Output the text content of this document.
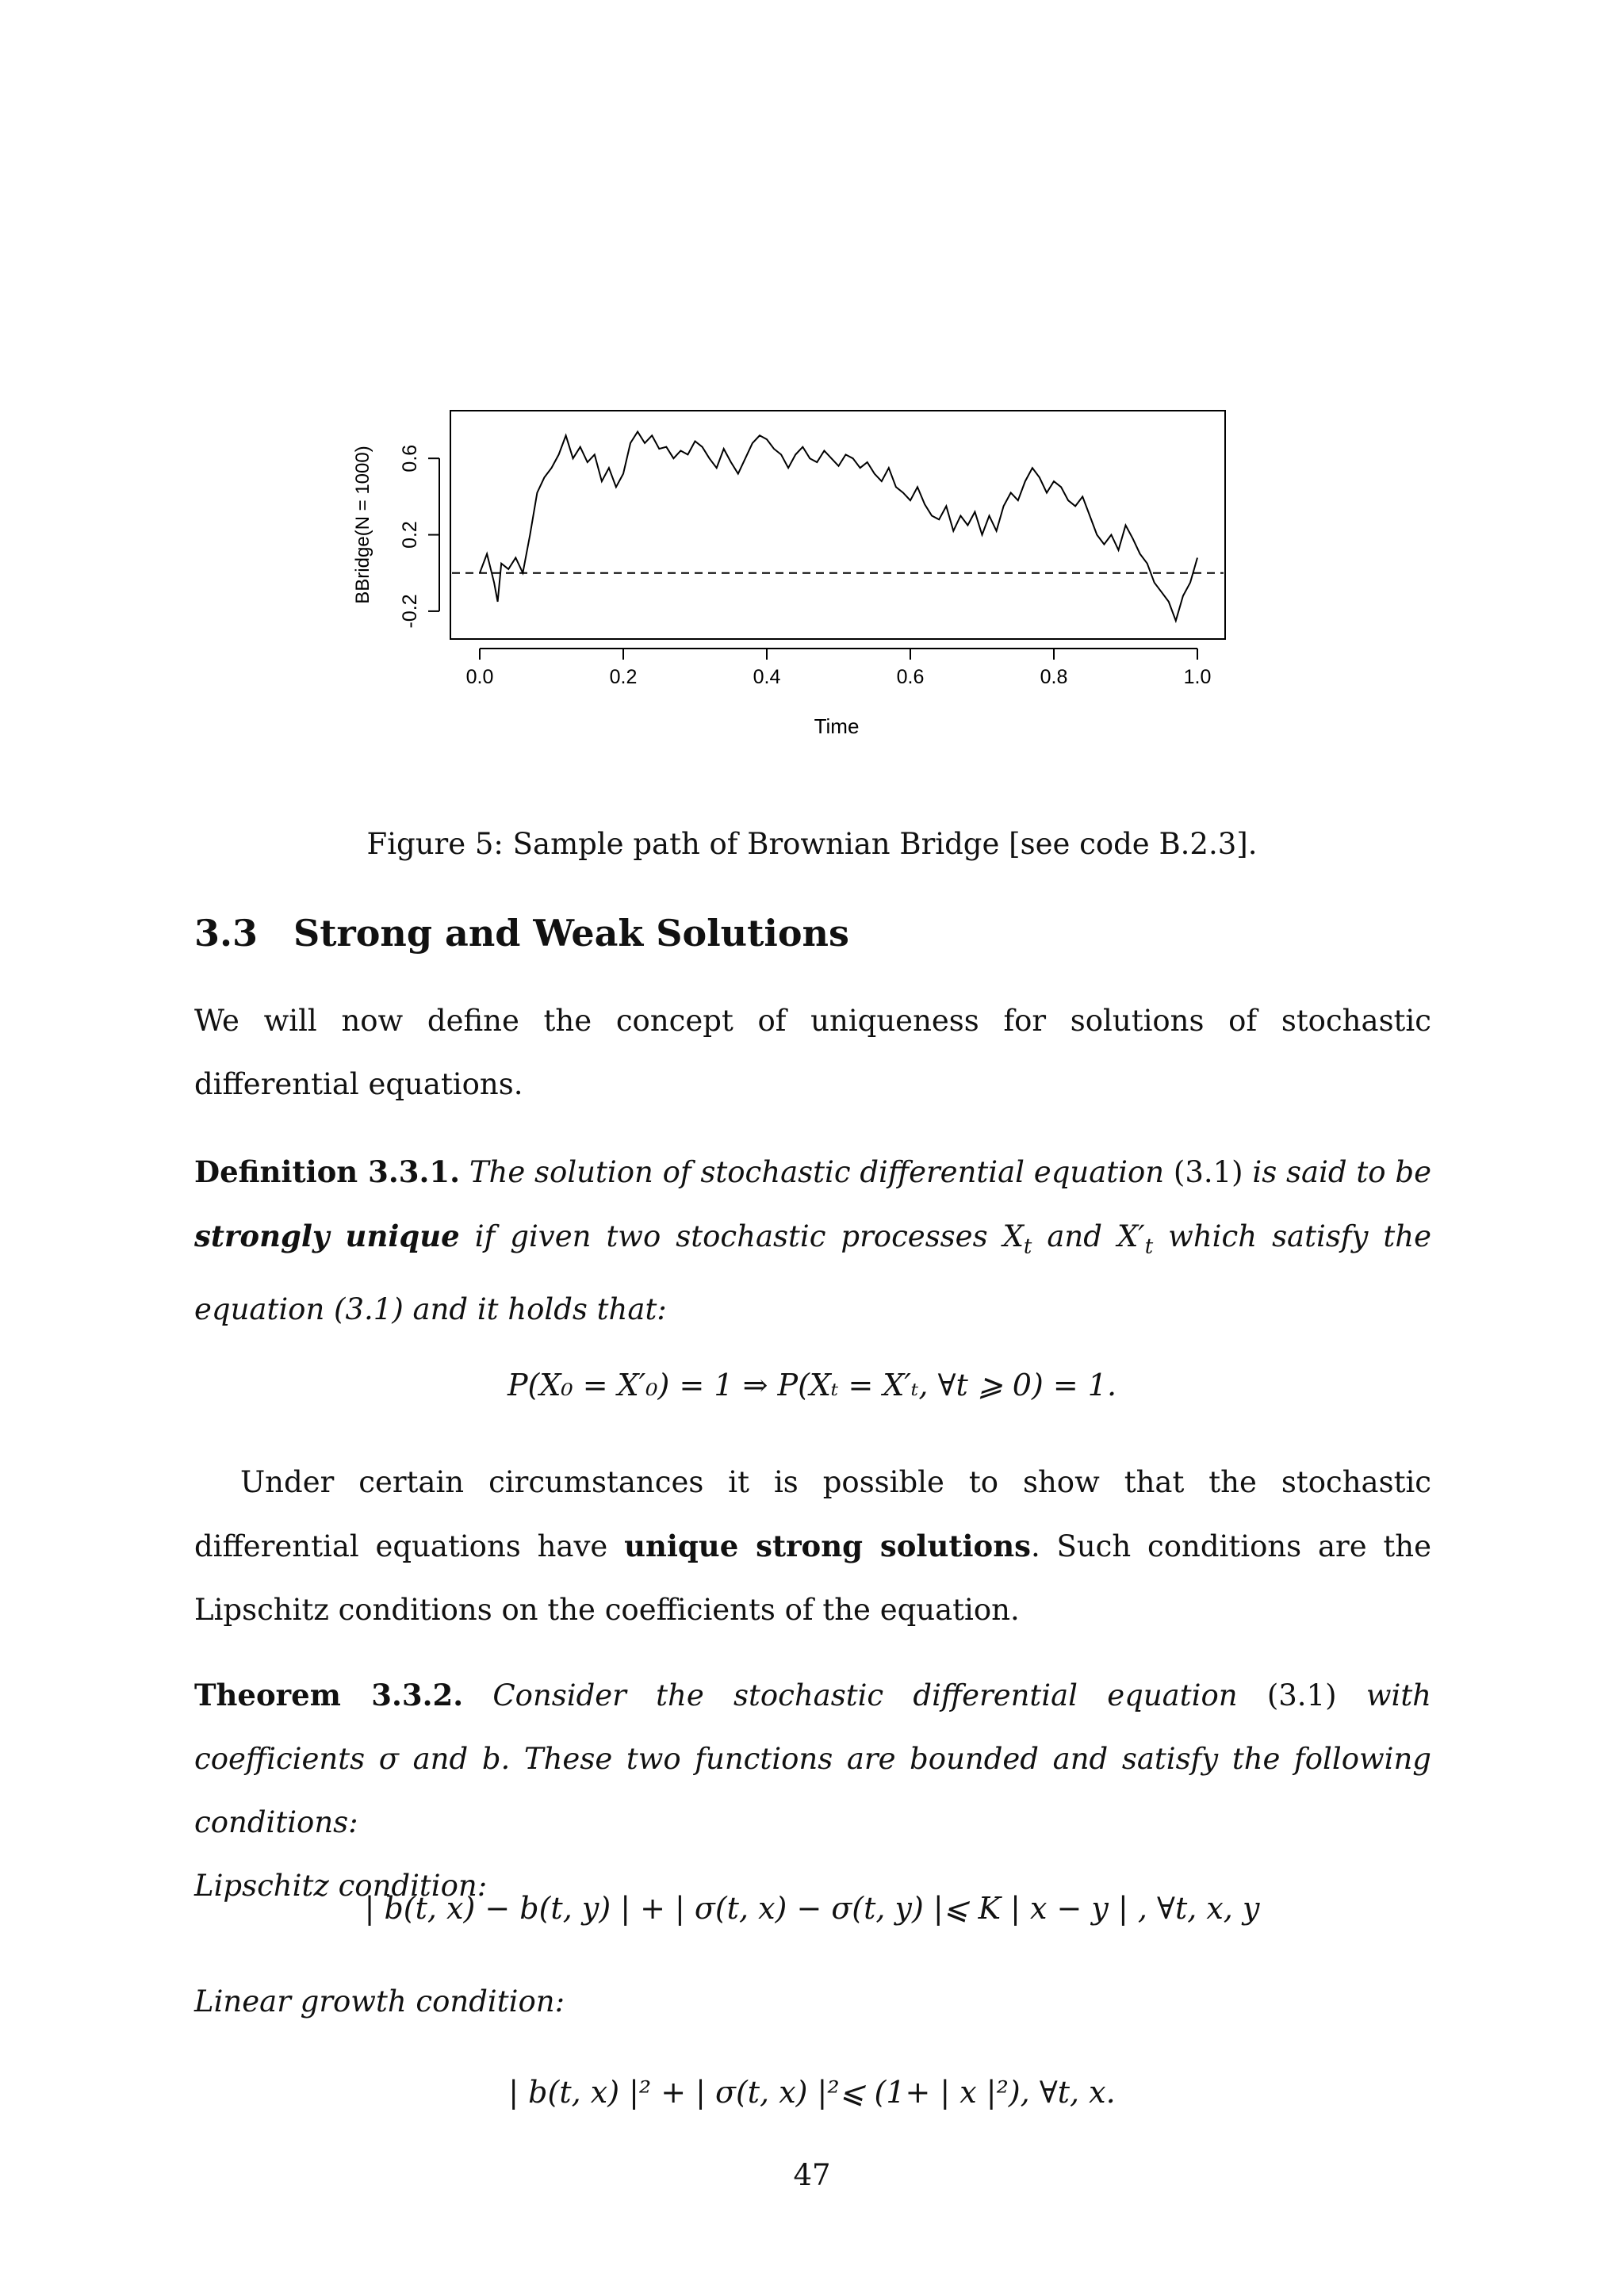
0.0	0.2	0.4	0.6	0.8	1.0
-0.2
0.2
0.6
BBridge(N = 1000)
Time
Figure 5: Sample path of Brownian Bridge [see code B.2.3].
3.3 Strong and Weak Solutions
We will now define the concept of uniqueness for solutions of stochastic differential equations.
Definition 3.3.1. The solution of stochastic differential equation (3.1) is said to be strongly unique if given two stochastic processes $X_t$ and $X'_t$ which satisfy the equation (3.1) and it holds that:
P(X₀ = X′₀) = 1 ⇒ P(Xₜ = X′ₜ, ∀t ⩾ 0) = 1.
Under certain circumstances it is possible to show that the stochastic differential equations have unique strong solutions. Such conditions are the Lipschitz conditions on the coefficients of the equation.
Theorem 3.3.2. Consider the stochastic differential equation (3.1) with coefficients σ and b. These two functions are bounded and satisfy the following conditions:
Lipschitz condition:
| b(t, x) − b(t, y) | + | σ(t, x) − σ(t, y) |⩽ K | x − y | , ∀t, x, y
Linear growth condition:
| b(t, x) |² + | σ(t, x) |²⩽ (1+ | x |²), ∀t, x.
47
